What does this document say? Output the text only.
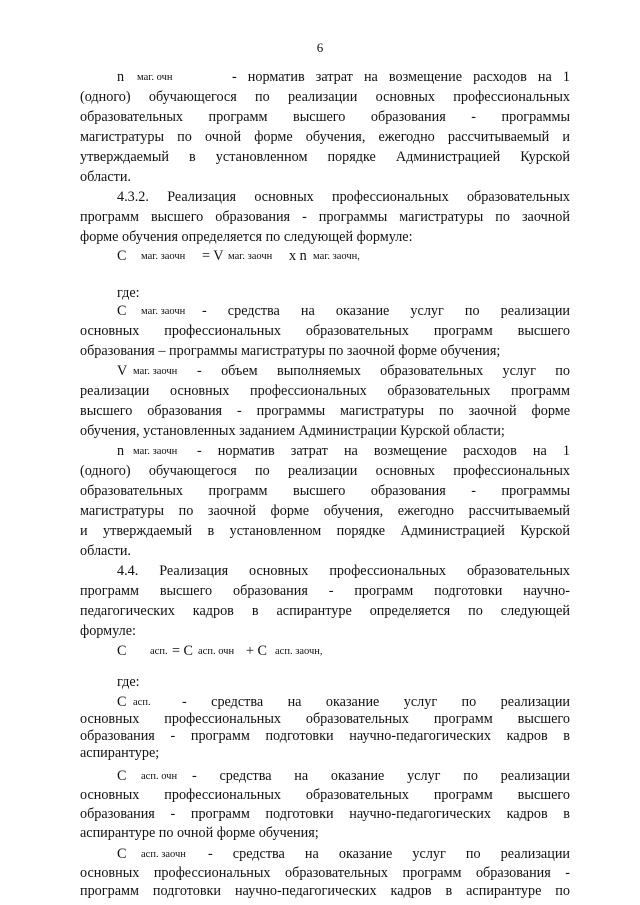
6
n маг. очн	- норматив затрат на возмещение расходов на 1
(одного) обучающегося по реализации основных профессиональных
образовательных программ высшего образования - программы
магистратуры по очной форме обучения, ежегодно рассчитываемый и
утверждаемый в установленном порядке Администрацией Курской
области.
4.3.2. Реализация основных профессиональных образовательных
программ высшего образования - программы магистратуры по заочной
форме обучения определяется по следующей формуле:
С маг. заочн = V маг. заочн х n маг. заочн,
где:
С маг. заочн - средства на оказание услуг по реализации
основных профессиональных образовательных программ высшего
образования – программы магистратуры по заочной форме обучения;
V маг. заочн - объем выполняемых образовательных услуг по
реализации основных профессиональных образовательных программ
высшего образования - программы магистратуры по заочной форме
обучения, установленных заданием Администрации Курской области;
n маг. заочн - норматив затрат на возмещение расходов на 1
(одного) обучающегося по реализации основных профессиональных
образовательных программ высшего образования - программы
магистратуры по заочной форме обучения, ежегодно рассчитываемый
и утверждаемый в установленном порядке Администрацией Курской
области.
4.4. Реализация основных профессиональных образовательных
программ высшего образования - программ подготовки научно-
педагогических кадров в аспирантуре определяется по следующей
формуле:
С асп. = С асп. очн + С асп. заочн,
где:
С асп. - средства на оказание услуг по реализации
основных профессиональных образовательных программ высшего
образования - программ подготовки научно-педагогических кадров в
аспирантуре;
С асп. очн - средства на оказание услуг по реализации
основных профессиональных образовательных программ высшего
образования - программ подготовки научно-педагогических кадров в
аспирантуре по очной форме обучения;
С асп. заочн - средства на оказание услуг по реализации
основных профессиональных образовательных программ образования -
программ подготовки научно-педагогических кадров в аспирантуре по
